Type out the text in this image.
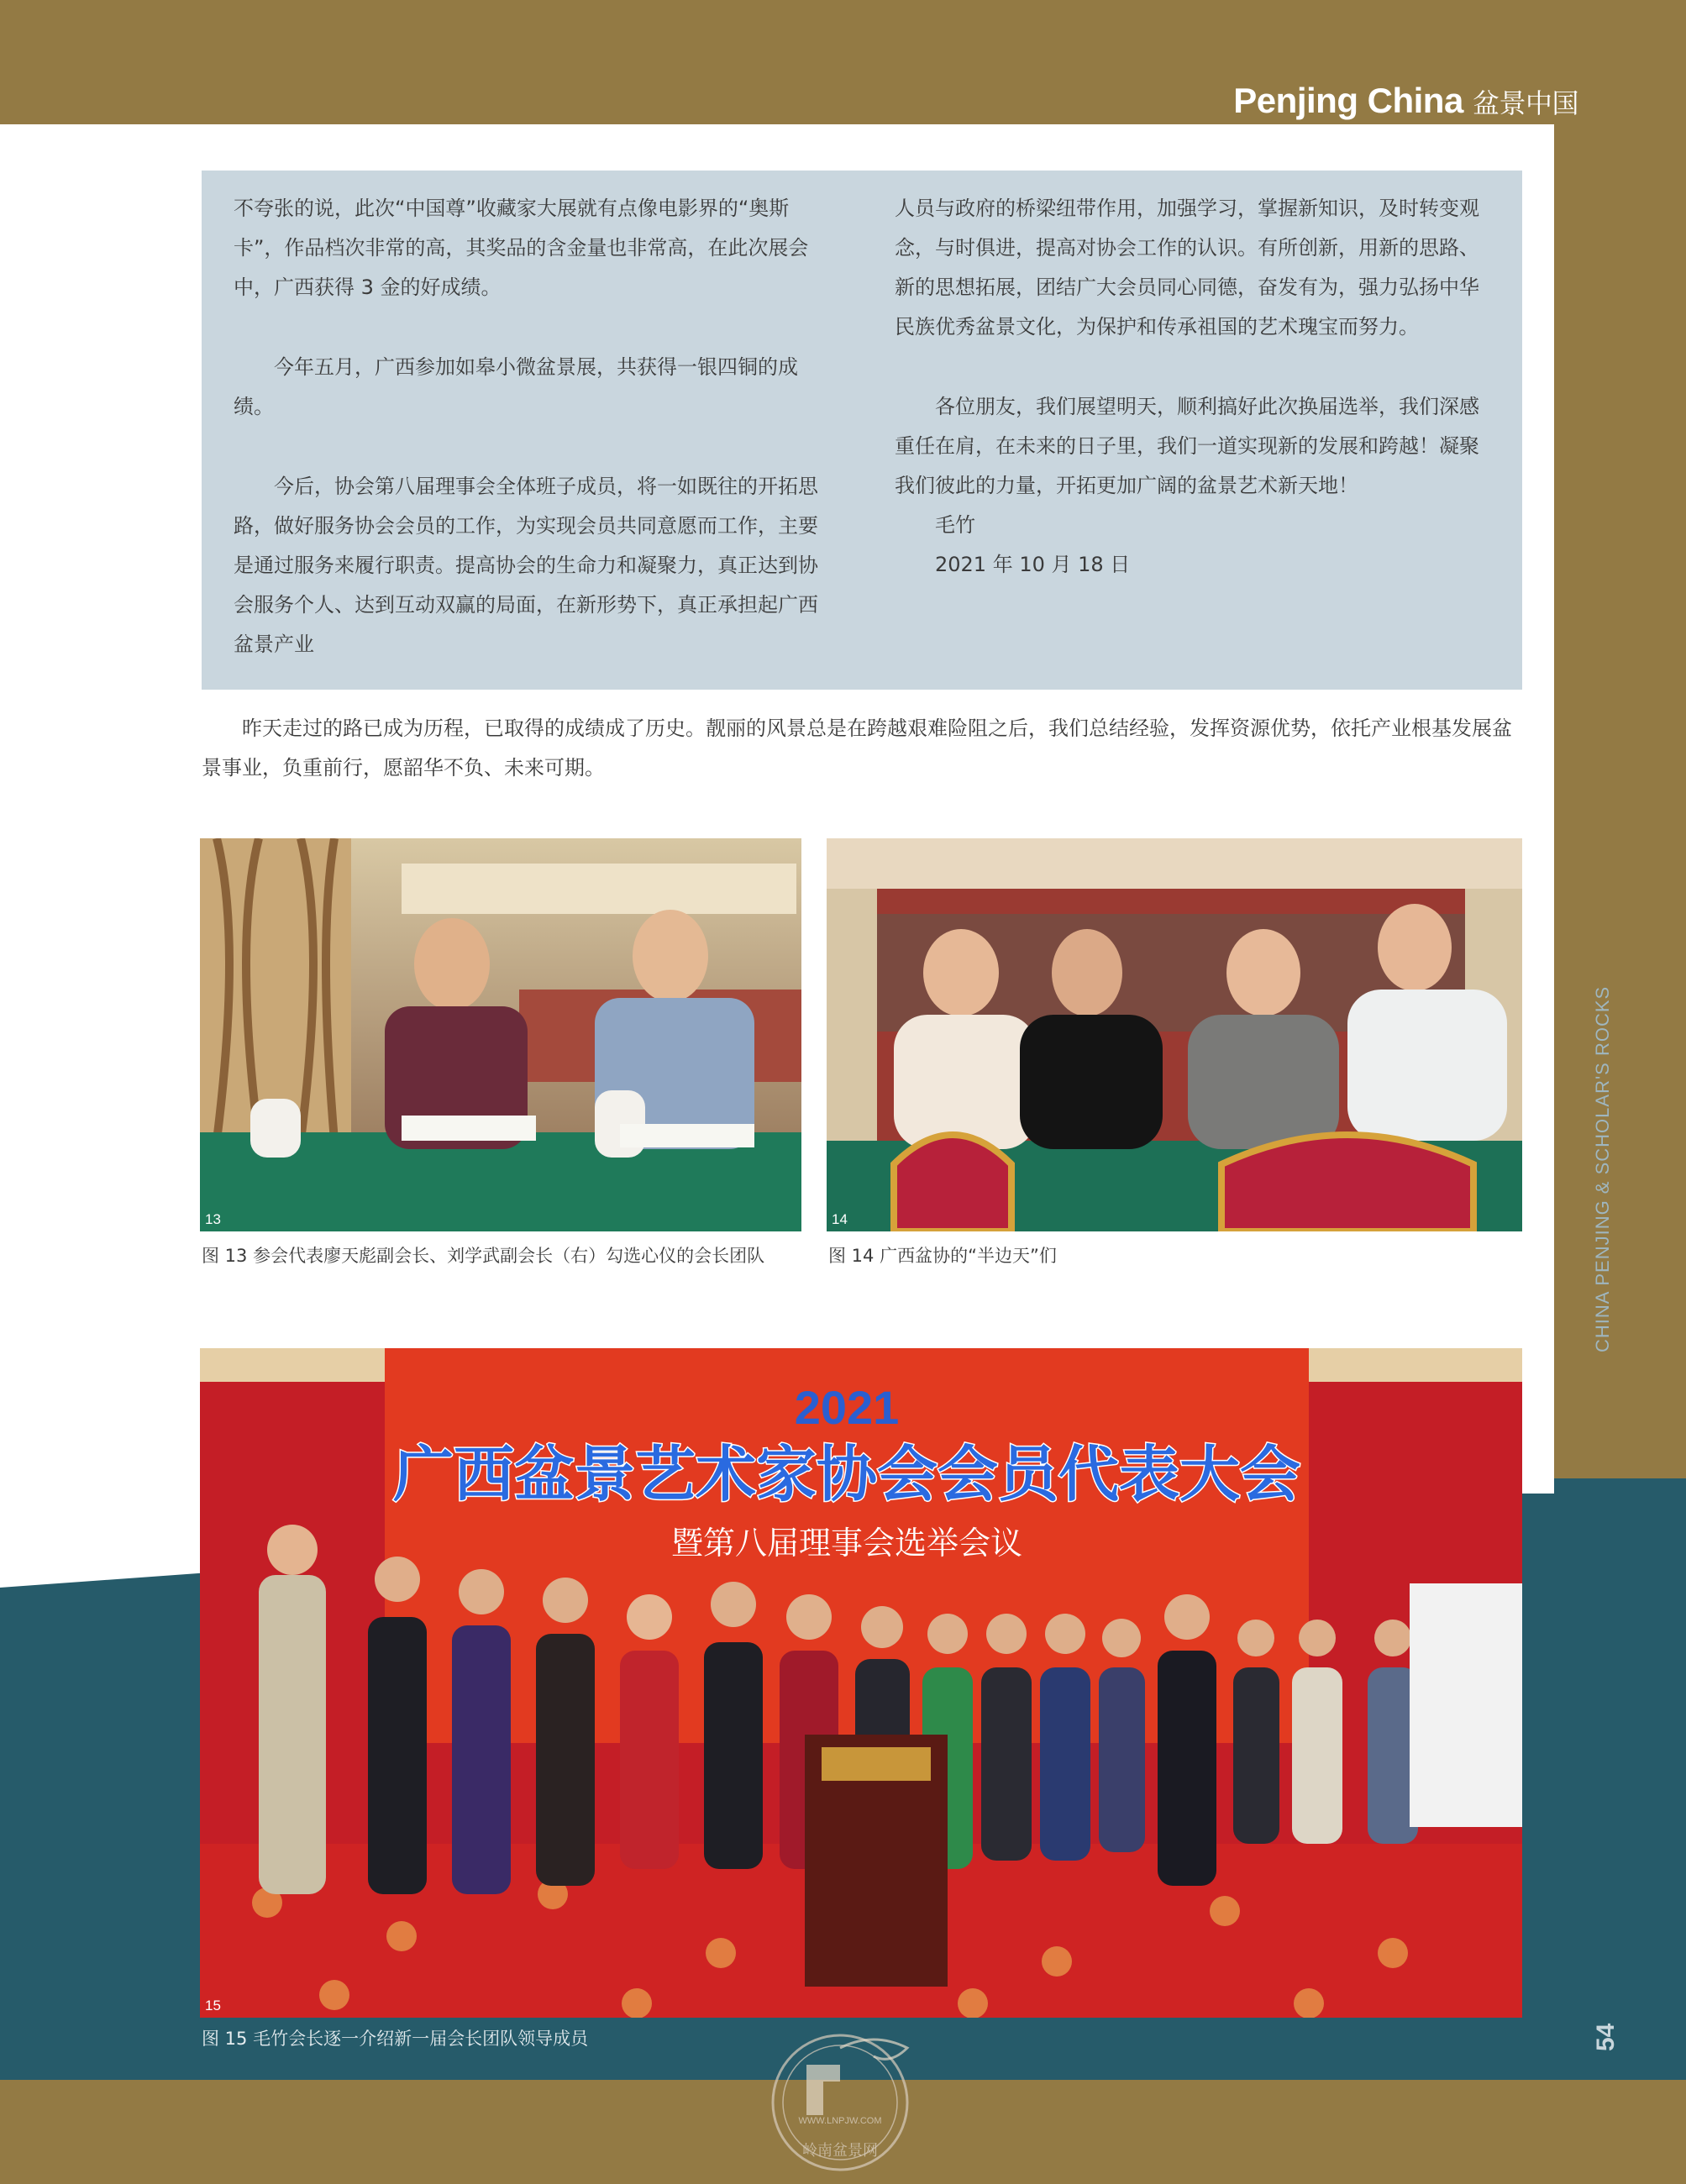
Penjing China 盆景中国

不夸张的说，此次“中国尊”收藏家大展就有点像电影界的“奥斯卡”，作品档次非常的高，其奖品的含金量也非常高，在此次展会中，广西获得 3 金的好成绩。

今年五月，广西参加如皋小微盆景展，共获得一银四铜的成绩。

今后，协会第八届理事会全体班子成员，将一如既往的开拓思路，做好服务协会会员的工作，为实现会员共同意愿而工作，主要是通过服务来履行职责。提高协会的生命力和凝聚力，真正达到协会服务个人、达到互动双赢的局面，在新形势下，真正承担起广西盆景产业

人员与政府的桥梁纽带作用，加强学习，掌握新知识，及时转变观念，与时俱进，提高对协会工作的认识。有所创新，用新的思路、新的思想拓展，团结广大会员同心同德，奋发有为，强力弘扬中华民族优秀盆景文化，为保护和传承祖国的艺术瑰宝而努力。

各位朋友，我们展望明天，顺利搞好此次换届选举，我们深感重任在肩，在未来的日子里，我们一道实现新的发展和跨越！凝聚我们彼此的力量，开拓更加广阔的盆景艺术新天地！

毛竹

2021 年 10 月 18 日

昨天走过的路已成为历程，已取得的成绩成了历史。靓丽的风景总是在跨越艰难险阻之后，我们总结经验，发挥资源优势，依托产业根基发展盆景事业，负重前行，愿韶华不负、未来可期。

13

图 13 参会代表廖天彪副会长、刘学武副会长（右）勾选心仪的会长团队

14

图 14 广西盆协的“半边天”们

2021
广西盆景艺术家协会会员代表大会
暨第八届理事会选举会议
15

图 15 毛竹会长逐一介绍新一届会长团队领导成员

CHINA PENJING & SCHOLAR'S ROCKS
54
WWW.LNPJW.COM
岭南盆景网
